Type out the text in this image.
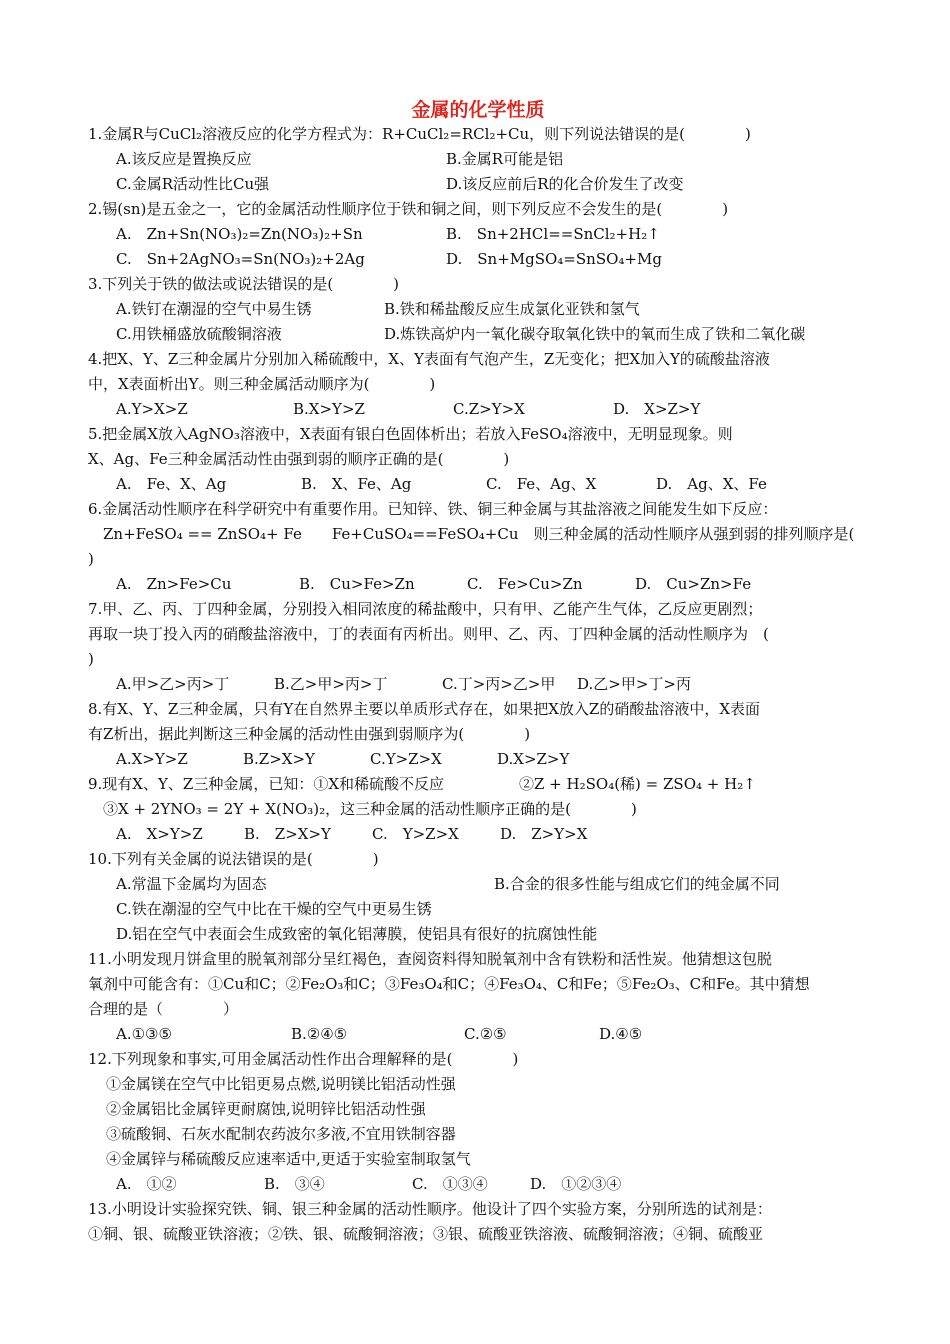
金属的化学性质
1.金属R与CuCl₂溶液反应的化学方程式为：R+CuCl₂=RCl₂+Cu，则下列说法错误的是(　　　　)
A.该反应是置换反应	B.金属R可能是铝
C.金属R活动性比Cu强	D.该反应前后R的化合价发生了改变
2.锡(sn)是五金之一，它的金属活动性顺序位于铁和铜之间，则下列反应不会发生的是(　　　　)
A.　Zn+Sn(NO₃)₂=Zn(NO₃)₂+Sn	B.　Sn+2HCl==SnCl₂+H₂↑
C.　Sn+2AgNO₃=Sn(NO₃)₂+2Ag	D.　Sn+MgSO₄=SnSO₄+Mg
3.下列关于铁的做法或说法错误的是(　　　　)
A.铁钉在潮湿的空气中易生锈	B.铁和稀盐酸反应生成氯化亚铁和氢气
C.用铁桶盛放硫酸铜溶液	D.炼铁高炉内一氧化碳夺取氧化铁中的氧而生成了铁和二氧化碳
4.把X、Y、Z三种金属片分别加入稀硫酸中，X、Y表面有气泡产生，Z无变化；把X加入Y的硫酸盐溶液
中，X表面析出Y。则三种金属活动顺序为(　　　　)
A.Y>X>Z	B.X>Y>Z	C.Z>Y>X	D.　X>Z>Y
5.把金属X放入AgNO₃溶液中，X表面有银白色固体析出；若放入FeSO₄溶液中，无明显现象。则
X、Ag、Fe三种金属活动性由强到弱的顺序正确的是(　　　　)
A.　Fe、X、Ag	B.　X、Fe、Ag	C.　Fe、Ag、X	D.　Ag、X、Fe
6.金属活动性顺序在科学研究中有重要作用。已知锌、铁、铜三种金属与其盐溶液之间能发生如下反应：
　Zn+FeSO₄ == ZnSO₄+ Fe　　Fe+CuSO₄==FeSO₄+Cu　则三种金属的活动性顺序从强到弱的排列顺序是(
)
A.　Zn>Fe>Cu	B.　Cu>Fe>Zn	C.　Fe>Cu>Zn	D.　Cu>Zn>Fe
7.甲、乙、丙、丁四种金属，分别投入相同浓度的稀盐酸中，只有甲、乙能产生气体，乙反应更剧烈；
再取一块丁投入丙的硝酸盐溶液中，丁的表面有丙析出。则甲、乙、丙、丁四种金属的活动性顺序为　(
)
A.甲>乙>丙>丁	B.乙>甲>丙>丁	C.丁>丙>乙>甲	D.乙>甲>丁>丙
8.有X、Y、Z三种金属，只有Y在自然界主要以单质形式存在，如果把X放入Z的硝酸盐溶液中，X表面
有Z析出，据此判断这三种金属的活动性由强到弱顺序为(　　　　)
A.X>Y>Z	B.Z>X>Y	C.Y>Z>X	D.X>Z>Y
9.现有X、Y、Z三种金属，已知：①X和稀硫酸不反应　　　　　②Z + H₂SO₄(稀) = ZSO₄ + H₂↑
　③X + 2YNO₃ = 2Y + X(NO₃)₂，这三种金属的活动性顺序正确的是(　　　　)
A.　X>Y>Z	B.　Z>X>Y	C.　Y>Z>X	D.　Z>Y>X
10.下列有关金属的说法错误的是(　　　　)
A.常温下金属均为固态	B.合金的很多性能与组成它们的纯金属不同
C.铁在潮湿的空气中比在干燥的空气中更易生锈
D.铝在空气中表面会生成致密的氧化铝薄膜，使铝具有很好的抗腐蚀性能
11.小明发现月饼盒里的脱氧剂部分呈红褐色，查阅资料得知脱氧剂中含有铁粉和活性炭。他猜想这包脱
氧剂中可能含有：①Cu和C；②Fe₂O₃和C；③Fe₃O₄和C；④Fe₃O₄、C和Fe；⑤Fe₂O₃、C和Fe。其中猜想
合理的是（　　　　）
A.①③⑤	B.②④⑤	C.②⑤	D.④⑤
12.下列现象和事实,可用金属活动性作出合理解释的是(　　　　)
①金属镁在空气中比铝更易点燃,说明镁比铝活动性强
②金属铝比金属锌更耐腐蚀,说明锌比铝活动性强
③硫酸铜、石灰水配制农药波尔多液,不宜用铁制容器
④金属锌与稀硫酸反应速率适中,更适于实验室制取氢气
A.　①②	B.　③④	C.　①③④	D.　①②③④
13.小明设计实验探究铁、铜、银三种金属的活动性顺序。他设计了四个实验方案，分别所选的试剂是：
①铜、银、硫酸亚铁溶液；②铁、银、硫酸铜溶液；③银、硫酸亚铁溶液、硫酸铜溶液；④铜、硫酸亚
